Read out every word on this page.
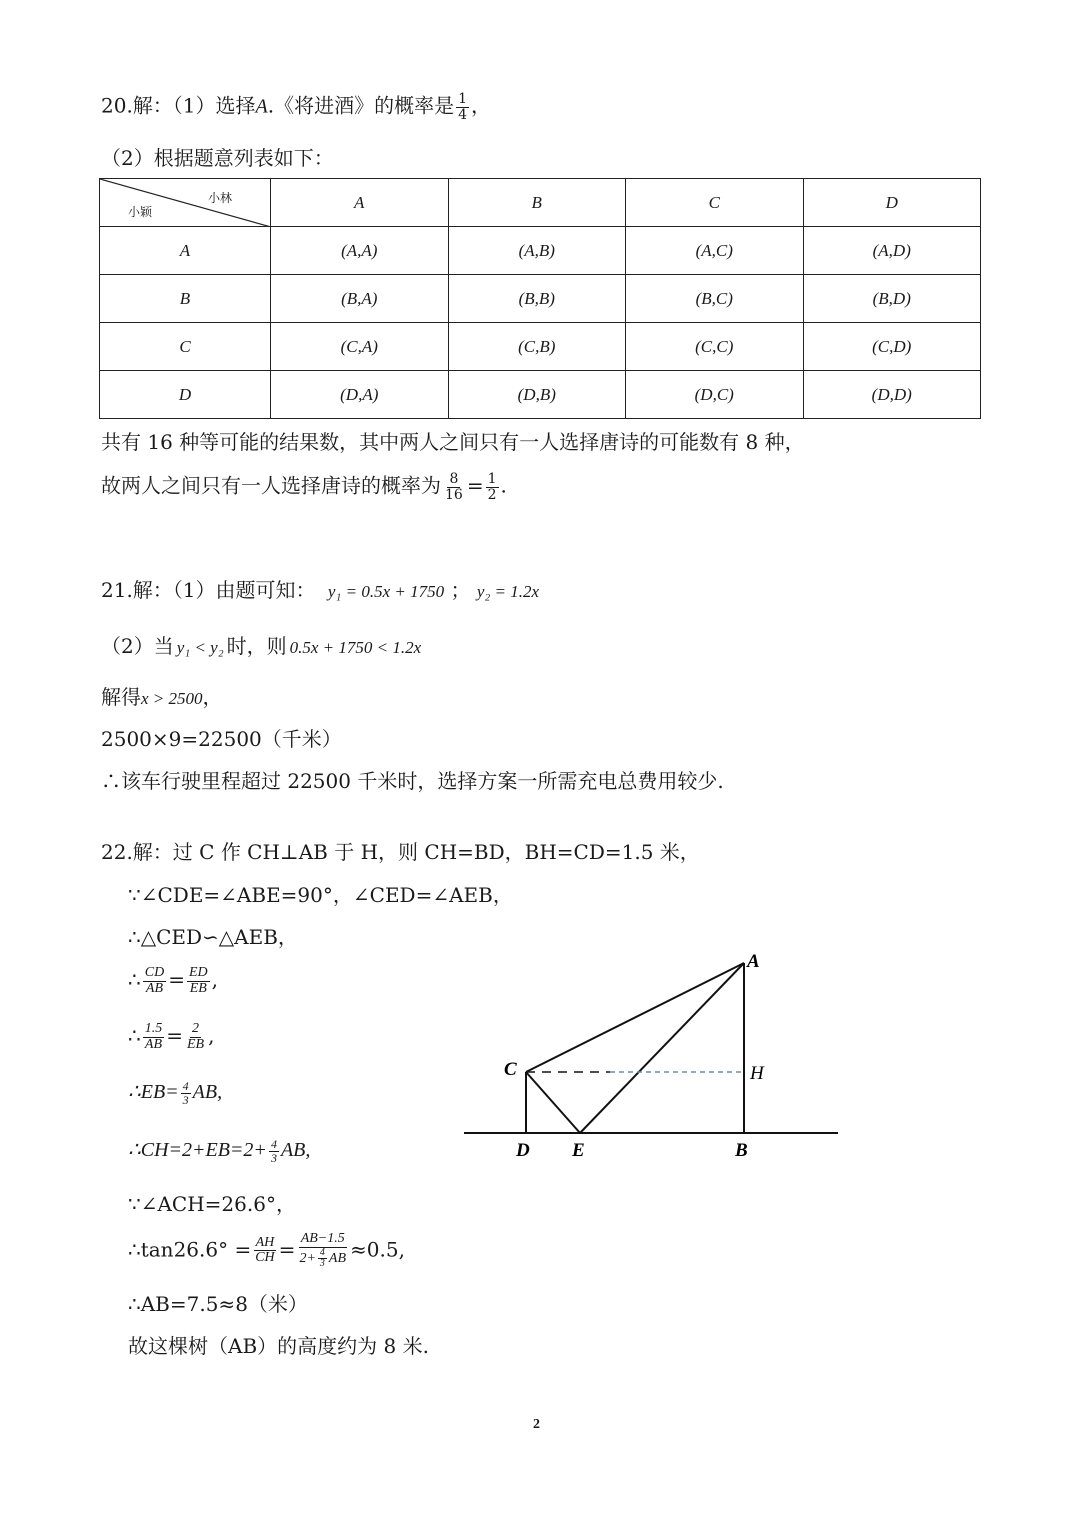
20.解：（1）选择A.《将进酒》的概率是 $\frac{1}{4}$ ，
（2）根据题意列表如下：
小林
小颖	A	B	C	D
A	(A,A)	(A,B)	(A,C)	(A,D)
B	(B,A)	(B,B)	(B,C)	(B,D)
C	(C,A)	(C,B)	(C,C)	(C,D)
D	(D,A)	(D,B)	(D,C)	(D,D)
共有 16 种等可能的结果数，其中两人之间只有一人选择唐诗的可能数有 8 种，
故两人之间只有一人选择唐诗的概率为 $\frac{8}{16} = \frac{1}{2}$ .
21.解：（1）由题可知： y₁ = 0.5x + 1750 ； y₂ = 1.2x
（2）当 y₁ < y₂ 时，则 0.5x + 1750 < 1.2x
解得x > 2500，
2500×9=22500（千米）
∴该车行驶里程超过 22500 千米时，选择方案一所需充电总费用较少.
22.解：过 C 作 CH⊥AB 于 H，则 CH=BD，BH=CD=1.5 米，
∵∠CDE=∠ABE=90°，∠CED=∠AEB，
∴△CED∽△AEB，
∴ $\frac{CD}{AB} = \frac{ED}{EB}$ ,
∴ $\frac{1.5}{AB} = \frac{2}{EB}$ ,
∴EB= $\frac{4}{3}$ AB,
∴CH=2+EB=2+ $\frac{4}{3}$ AB,
∵∠ACH=26.6°，
∴tan26.6° = $\frac{AH}{CH} = \frac{AB-1.5}{2+ \frac{4}{3} AB} \approx 0.5$,
∴AB=7.5≈8（米）
故这棵树（AB）的高度约为 8 米.
A
B
C
D E
H
2
